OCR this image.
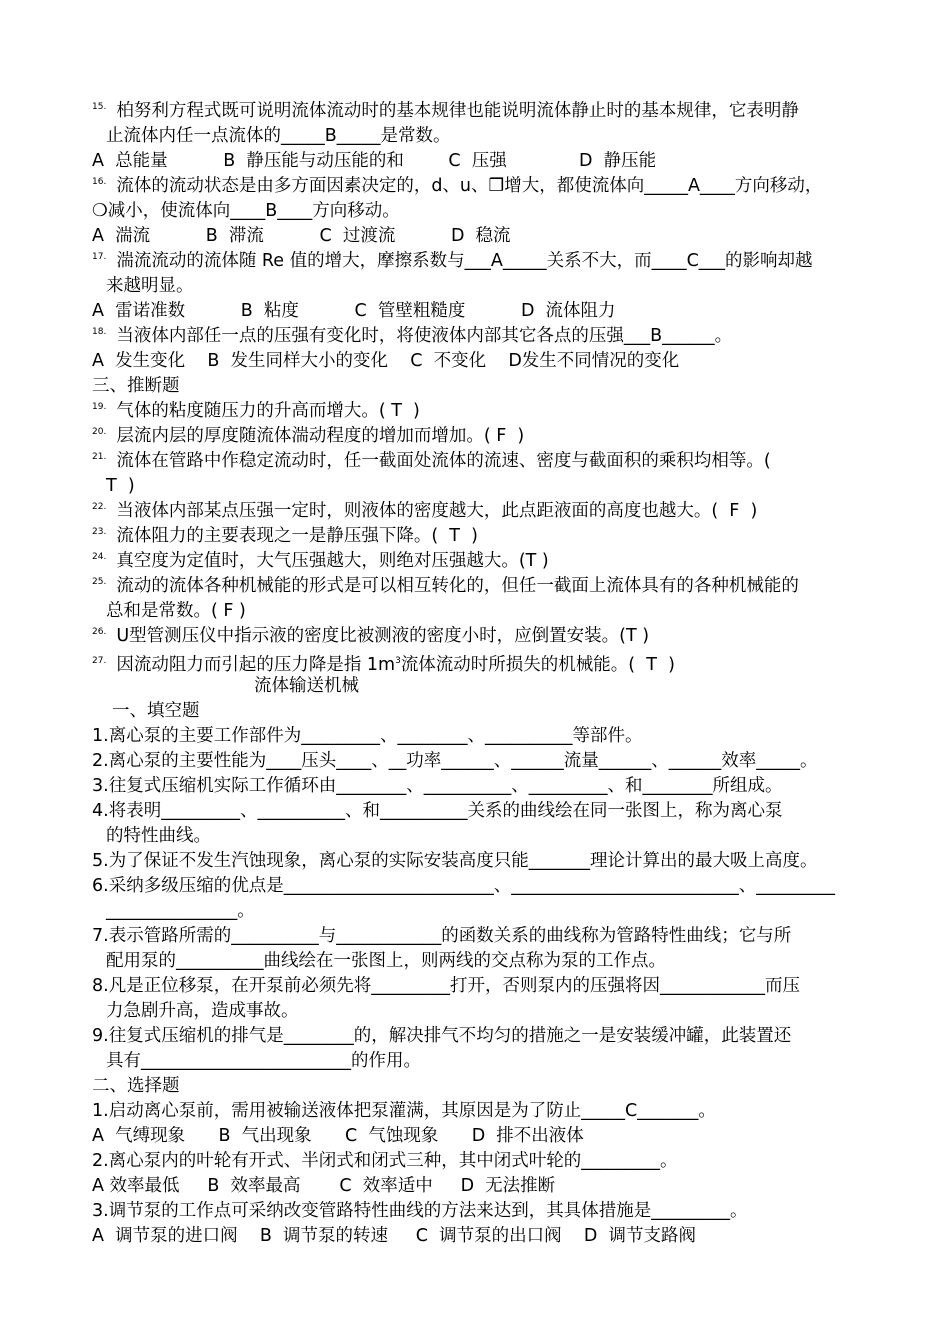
$^{15.}$ 柏努利方程式既可说明流体流动时的基本规律也能说明流体静止时的基本规律，它表明静
止流体内任一点流体的_____B_____是常数。
A  总能量          B  静压能与动压能的和        C  压强             D  静压能
$^{16.}$ 流体的流动状态是由多方面因素决定的，d、u、❒增大，都使流体向_____A____方向移动，
❍减小，使流体向____B____方向移动。
A  湍流          B  滞流          C  过渡流          D  稳流
$^{17.}$ 湍流流动的流体随 Re 值的增大，摩擦系数与___A_____关系不大，而____C___的影响却越
来越明显。
A  雷诺准数          B  粘度          C  管壁粗糙度          D  流体阻力
$^{18.}$ 当液体内部任一点的压强有变化时，将使液体内部其它各点的压强___B______。
A  发生变化    B  发生同样大小的变化    C  不变化    D发生不同情况的变化
三、推断题
$^{19.}$ 气体的粘度随压力的升高而增大。( T  )
$^{20.}$ 层流内层的厚度随流体湍动程度的增加而增加。( F  )
$^{21.}$ 流体在管路中作稳定流动时，任一截面处流体的流速、密度与截面积的乘积均相等。(
T  )
$^{22.}$ 当液体内部某点压强一定时，则液体的密度越大，此点距液面的高度也越大。(  F  )
$^{23.}$ 流体阻力的主要表现之一是静压强下降。(  T  )
$^{24.}$ 真空度为定值时，大气压强越大，则绝对压强越大。(T )
$^{25.}$ 流动的流体各种机械能的形式是可以相互转化的，但任一截面上流体具有的各种机械能的
总和是常数。( F )
$^{26.}$ U型管测压仪中指示液的密度比被测液的密度小时，应倒置安装。(T )
$^{27.}$ 因流动阻力而引起的压力降是指 $1m^3$流体流动时所损失的机械能。(  T  )
流体输送机械
一、填空题
1.离心泵的主要工作部件为_________、________、__________等部件。
2.离心泵的主要性能为____压头____、__功率______、______流量______、______效率_____。
3.往复式压缩机实际工作循环由________、__________、_________、和________所组成。
4.将表明_________、__________、和__________关系的曲线绘在同一张图上，称为离心泵
的特性曲线。
5.为了保证不发生汽蚀现象，离心泵的实际安装高度只能_______理论计算出的最大吸上高度。
6.采纳多级压缩的优点是________________________、__________________________、_________
_______________。
7.表示管路所需的__________与____________的函数关系的曲线称为管路特性曲线；它与所
配用泵的__________曲线绘在一张图上，则两线的交点称为泵的工作点。
8.凡是正位移泵，在开泵前必须先将_________打开，否则泵内的压强将因____________而压
力急剧升高，造成事故。
9.往复式压缩机的排气是________的，解决排气不均匀的措施之一是安装缓冲罐，此装置还
具有________________________的作用。
二、选择题
1.启动离心泵前，需用被输送液体把泵灌满，其原因是为了防止_____C_______。
A  气缚现象      B  气出现象      C  气蚀现象      D  排不出液体
2.离心泵内的叶轮有开式、半闭式和闭式三种，其中闭式叶轮的_________。
A 效率最低     B  效率最高       C  效率适中     D  无法推断
3.调节泵的工作点可采纳改变管路特性曲线的方法来达到，其具体措施是_________。
A  调节泵的进口阀    B  调节泵的转速     C  调节泵的出口阀    D  调节支路阀
